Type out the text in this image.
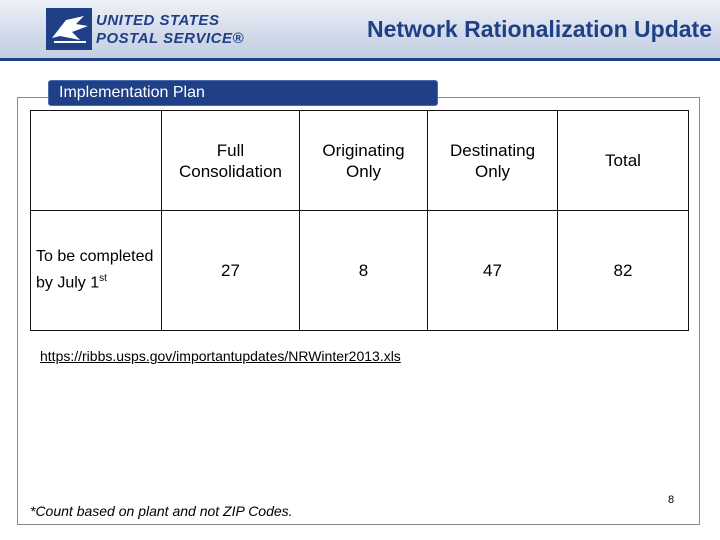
UNITED STATES
POSTAL SERVICE®	Network Rationalization Update
Implementation Plan
	Full Consolidation	Originating Only	Destinating Only	Total
To be completed by July 1st	27	8	47	82
https://ribbs.usps.gov/importantupdates/NRWinter2013.xls
*Count based on plant and not ZIP Codes.
8
